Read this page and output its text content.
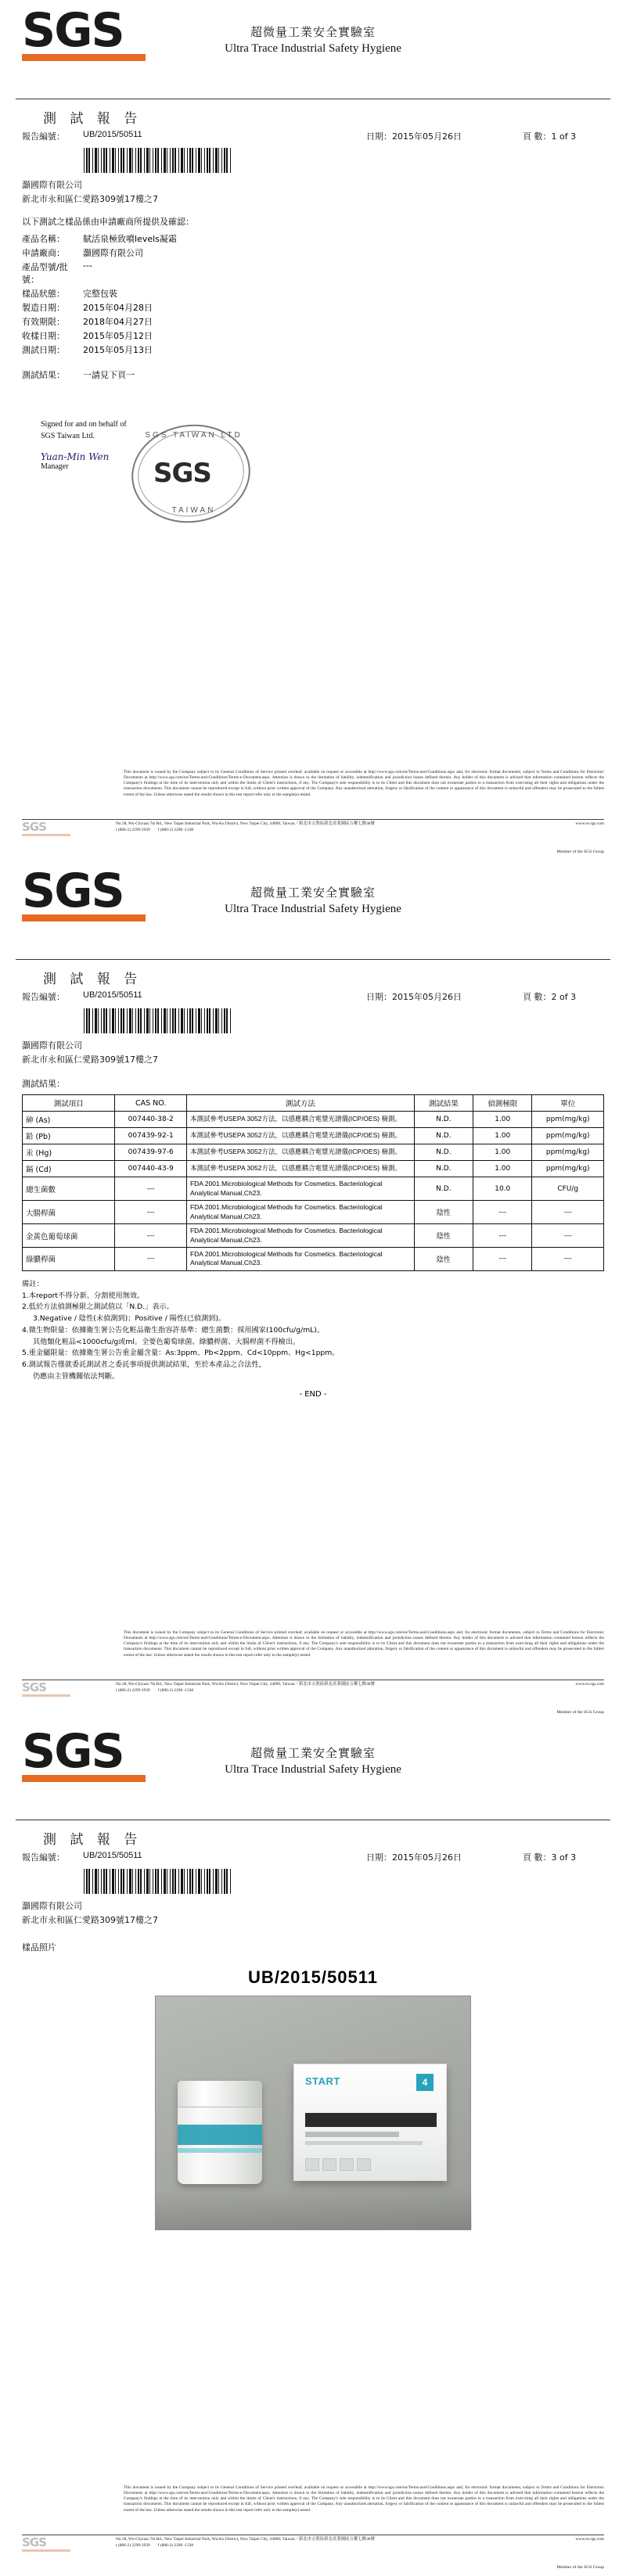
SGS	超微量工業安全實驗室
Ultra Trace Industrial Safety Hygiene
測 試 報 告
報告編號：	UB/2015/50511	日期：2015年05月26日	頁 數：1 of 3
灝國際有限公司
新北市永和區仁愛路309號17樓之7
以下測試之樣品係由申請廠商所提供及確認：
產品名稱：	賦活泉極致噴levels凝霜
申請廠商：	灝國際有限公司
產品型號/批號：
---
樣品狀態：	完整包裝
製造日期：	2015年04月28日
有效期限：	2018年04月27日
收樣日期：	2015年05月12日
測試日期：	2015年05月13日
測試結果：	一請見下頁一
Signed for and on behalf of
SGS Taiwan Ltd.
Yuan-Min Wen
Manager
SGS TAIWAN LTD
SGS
TAIWAN
This document is issued by the Company subject to its General Conditions of Service printed overleaf, available on request or accessible at http://www.sgs.com/en/Terms-and-Conditions.aspx and, for electronic format documents, subject to Terms and Conditions for Electronic Documents at http://www.sgs.com/en/Terms-and-Conditions/Terms-e-Document.aspx. Attention is drawn to the limitation of liability, indemnification and jurisdiction issues defined therein. Any holder of this document is advised that information contained hereon reflects the Company's findings at the time of its intervention only and within the limits of Client's instructions, if any. The Company's sole responsibility is to its Client and this document does not exonerate parties to a transaction from exercising all their rights and obligations under the transaction documents. This document cannot be reproduced except in full, without prior written approval of the Company. Any unauthorized alteration, forgery or falsification of the content or appearance of this document is unlawful and offenders may be prosecuted to the fullest extent of the law. Unless otherwise stated the results shown in this test report refer only to the sample(s) tested.
SGS	No.38, Wu-Chyuan 7th Rd., New Taipei Industrial Park, Wu-Ku District, New Taipei City, 24890, Taiwan／新北市五股區新北產業園區五權七路38號
t (886-2) 2299-3939 f (886-2) 2298 -1338
www.tw.sgs.com
Member of the SGS Group
SGS	超微量工業安全實驗室
Ultra Trace Industrial Safety Hygiene
測 試 報 告
報告編號：	UB/2015/50511	日期：2015年05月26日	頁 數：2 of 3
灝國際有限公司
新北市永和區仁愛路309號17樓之7
測試結果：
測試項目	CAS NO.	測試方法	測試結果	偵測極限	單位
砷 (As)	007440-38-2	本測試參考USEPA 3052方法，以感應耦合電漿光譜儀(ICP/OES) 檢測。	N.D.	1.00	ppm(mg/kg)
鉛 (Pb)	007439-92-1	本測試參考USEPA 3052方法，以感應耦合電漿光譜儀(ICP/OES) 檢測。	N.D.	1.00	ppm(mg/kg)
汞 (Hg)	007439-97-6	本測試參考USEPA 3052方法，以感應耦合電漿光譜儀(ICP/OES) 檢測。	N.D.	1.00	ppm(mg/kg)
鎘 (Cd)	007440-43-9	本測試參考USEPA 3052方法，以感應耦合電漿光譜儀(ICP/OES) 檢測。	N.D.	1.00	ppm(mg/kg)
總生菌數	---	FDA 2001.Microbiological Methods for Cosmetics. Bacteriological Analytical Manual,Ch23.	N.D.	10.0	CFU/g
大腸桿菌	---	FDA 2001.Microbiological Methods for Cosmetics. Bacteriological Analytical Manual,Ch23.	陰性	---	---
金黃色葡萄球菌	---	FDA 2001.Microbiological Methods for Cosmetics. Bacteriological Analytical Manual,Ch23.	陰性	---	---
綠膿桿菌	---	FDA 2001.Microbiological Methods for Cosmetics. Bacteriological Analytical Manual,Ch23.	陰性	---	---
備註：
1.本report不得分新、分割使用無效。
2.低於方法偵測極限之測試值以「N.D.」表示。
3.Negative / 陰性(未偵測到)；Positive / 陽性(已偵測到)。
4.微生物限量：依據衛生署公告化粧品衛生指容許基準：總生菌數：採用國家(100cfu/g/mL)。
其他類化粧品<1000cfu/g或ml。全要色葡萄球菌、綠膿桿菌、大腸桿菌不得檢出。
5.重金屬限量：依據衛生署公告重金屬含量：As:3ppm、Pb<2ppm、Cd<10ppm、Hg<1ppm。
6.測試報告僅就委託測試者之委託事項提供測試結果，至於本產品之合法性，
仍應由主管機關依法判斷。
- END -
This document is issued by the Company subject to its General Conditions of Service printed overleaf, available on request or accessible at http://www.sgs.com/en/Terms-and-Conditions.aspx and, for electronic format documents, subject to Terms and Conditions for Electronic Documents at http://www.sgs.com/en/Terms-and-Conditions/Terms-e-Document.aspx. Attention is drawn to the limitation of liability, indemnification and jurisdiction issues defined therein. Any holder of this document is advised that information contained hereon reflects the Company's findings at the time of its intervention only and within the limits of Client's instructions, if any. The Company's sole responsibility is to its Client and this document does not exonerate parties to a transaction from exercising all their rights and obligations under the transaction documents. This document cannot be reproduced except in full, without prior written approval of the Company. Any unauthorized alteration, forgery or falsification of the content or appearance of this document is unlawful and offenders may be prosecuted to the fullest extent of the law. Unless otherwise stated the results shown in this test report refer only to the sample(s) tested.
SGS	No.38, Wu-Chyuan 7th Rd., New Taipei Industrial Park, Wu-Ku District, New Taipei City, 24890, Taiwan／新北市五股區新北產業園區五權七路38號
t (886-2) 2299-3939 f (886-2) 2298 -1338
www.tw.sgs.com
Member of the SGS Group
SGS	超微量工業安全實驗室
Ultra Trace Industrial Safety Hygiene
測 試 報 告
報告編號：	UB/2015/50511	日期：2015年05月26日	頁 數：3 of 3
灝國際有限公司
新北市永和區仁愛路309號17樓之7
樣品照片
UB/2015/50511
START	4
This document is issued by the Company subject to its General Conditions of Service printed overleaf, available on request or accessible at http://www.sgs.com/en/Terms-and-Conditions.aspx and, for electronic format documents, subject to Terms and Conditions for Electronic Documents at http://www.sgs.com/en/Terms-and-Conditions/Terms-e-Document.aspx. Attention is drawn to the limitation of liability, indemnification and jurisdiction issues defined therein. Any holder of this document is advised that information contained hereon reflects the Company's findings at the time of its intervention only and within the limits of Client's instructions, if any. The Company's sole responsibility is to its Client and this document does not exonerate parties to a transaction from exercising all their rights and obligations under the transaction documents. This document cannot be reproduced except in full, without prior written approval of the Company. Any unauthorized alteration, forgery or falsification of the content or appearance of this document is unlawful and offenders may be prosecuted to the fullest extent of the law. Unless otherwise stated the results shown in this test report refer only to the sample(s) tested.
SGS	No.38, Wu-Chyuan 7th Rd., New Taipei Industrial Park, Wu-Ku District, New Taipei City, 24890, Taiwan／新北市五股區新北產業園區五權七路38號
t (886-2) 2299-3939 f (886-2) 2298 -1338
www.tw.sgs.com
Member of the SGS Group
